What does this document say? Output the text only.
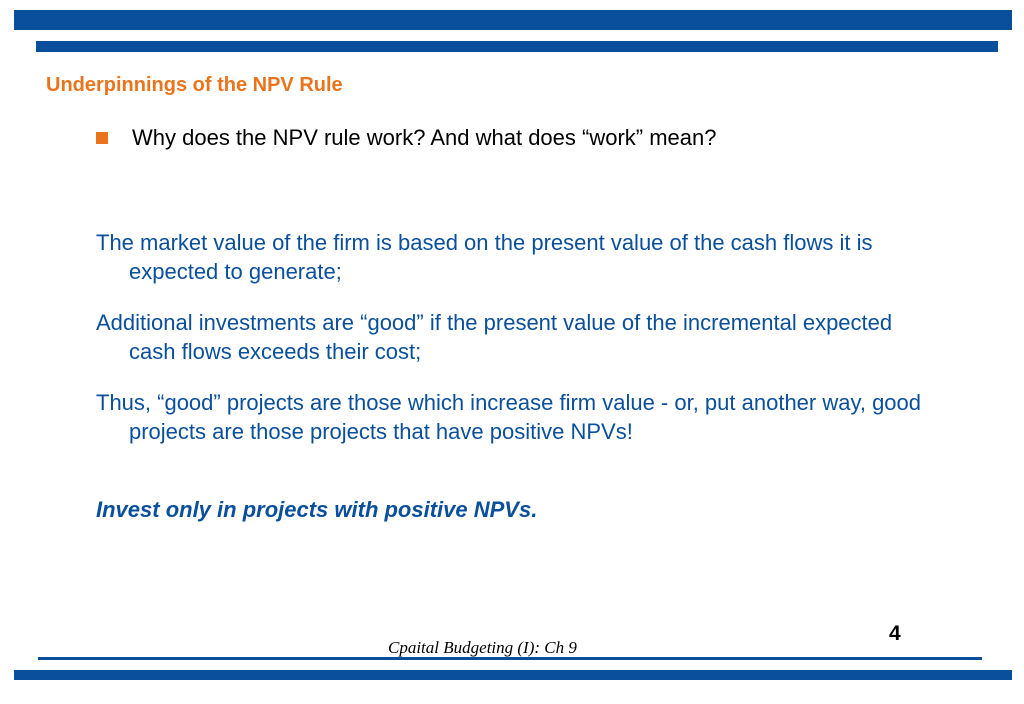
Underpinnings of the NPV Rule
Why does the NPV rule work? And what does “work” mean?

The market value of the firm is based on the present value of the cash flows it is expected to generate;

Additional investments are “good” if the present value of the incremental expected cash flows exceeds their cost;

Thus, “good” projects are those which increase firm value - or, put another way, good projects are those projects that have positive NPVs!

Invest only in projects with positive NPVs.

4
Cpaital Budgeting (I): Ch 9
